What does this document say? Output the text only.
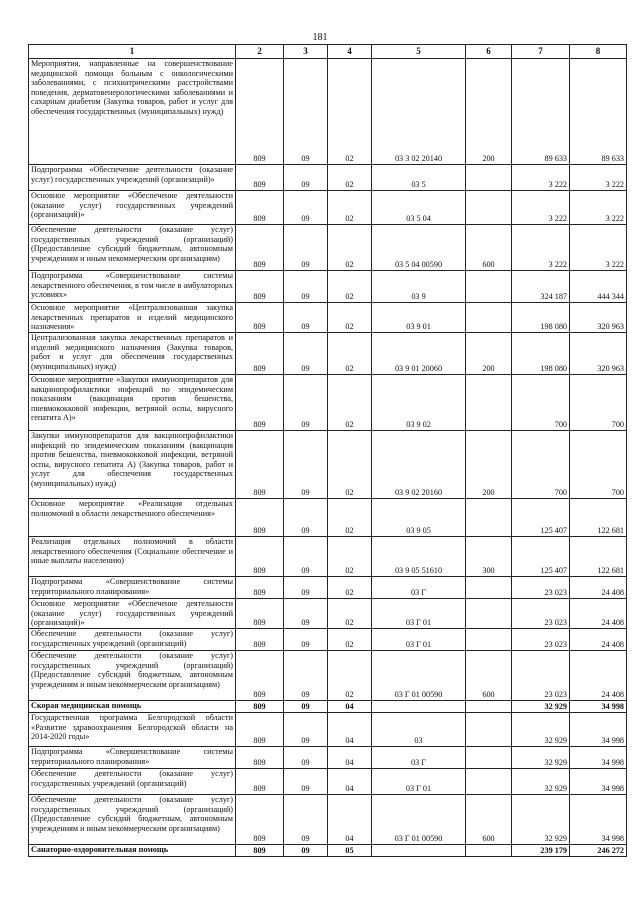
181
1	2	3	4	5	6	7	8
Мероприятия, направленные на совершенствование медицинской помощи больным с онкологическими заболеваниями, с психиатрическими расстройствами поведения, дерматовенерологическими заболеваниями и сахарным диабетом (Закупка товаров, работ и услуг для обеспечения государственных (муниципальных) нужд)	809	09	02	03 3 02 20140	200	89 633	89 633
Подпрограмма «Обеспечение деятельности (оказание услуг) государственных учреждений (организаций)»	809	09	02	03 5		3 222	3 222
Основное мероприятие «Обеспечение деятельности (оказание услуг) государственных учреждений (организаций)»	809	09	02	03 5 04		3 222	3 222
Обеспечение деятельности (оказание услуг) государственных учреждений (организаций) (Предоставление субсидий бюджетным, автономным учреждениям и иным некоммерческим организациям)	809	09	02	03 5 04 00590	600	3 222	3 222
Подпрограмма «Совершенствование системы лекарственного обеспечения, в том числе в амбулаторных условиях»	809	09	02	03 9		324 187	444 344
Основное мероприятие «Централизованная закупка лекарственных препаратов и изделий медицинского назначения»	809	09	02	03 9 01		198 080	320 963
Централизованная закупка лекарственных препаратов и изделий медицинского назначения (Закупка товаров, работ и услуг для обеспечения государственных (муниципальных) нужд)	809	09	02	03 9 01 20060	200	198 080	320 963
Основное мероприятие «Закупки иммунопрепаратов для вакцинопрофилактики инфекций по эпидемическим показаниям (вакцинация против бешенства, пневмококковой инфекции, ветряной оспы, вирусного гепатита А)»	809	09	02	03 9 02		700	700
Закупки иммунопрепаратов для вакцинопрофилактики инфекций по эпидемическим показаниям (вакцинация против бешенства, пневмококковой инфекции, ветряной оспы, вирусного гепатита А) (Закупка товаров, работ и услуг для обеспечения государственных (муниципальных) нужд)	809	09	02	03 9 02 20160	200	700	700
Основное мероприятие «Реализация отдельных полномочий в области лекарственного обеспечения»	809	09	02	03 9 05		125 407	122 681
Реализация отдельных полномочий в области лекарственного обеспечения (Социальное обеспечение и иные выплаты населению)	809	09	02	03 9 05 51610	300	125 407	122 681
Подпрограмма «Совершенствование системы территориального планирования»	809	09	02	03 Г		23 023	24 408
Основное мероприятие «Обеспечение деятельности (оказание услуг) государственных учреждений (организаций)»	809	09	02	03 Г 01		23 023	24 408
Обеспечение деятельности (оказание услуг) государственных учреждений (организаций)	809	09	02	03 Г 01		23 023	24 408
Обеспечение деятельности (оказание услуг) государственных учреждений (организаций) (Предоставление субсидий бюджетным, автономным учреждениям и иным некоммерческим организациям)	809	09	02	03 Г 01 00590	600	23 023	24 408
Скорая медицинская помощь	809	09	04			32 929	34 998
Государственная программа Белгородской области «Развитие здравоохранения Белгородской области на 2014-2020 годы»	809	09	04	03		32 929	34 998
Подпрограмма «Совершенствование системы территориального планирования»	809	09	04	03 Г		32 929	34 998
Обеспечение деятельности (оказание услуг) государственных учреждений (организаций)	809	09	04	03 Г 01		32 929	34 998
Обеспечение деятельности (оказание услуг) государственных учреждений (организаций) (Предоставление субсидий бюджетным, автономным учреждениям и иным некоммерческим организациям)	809	09	04	03 Г 01 00590	600	32 929	34 998
Санаторно-оздоровительная помощь	809	09	05			239 179	246 272
